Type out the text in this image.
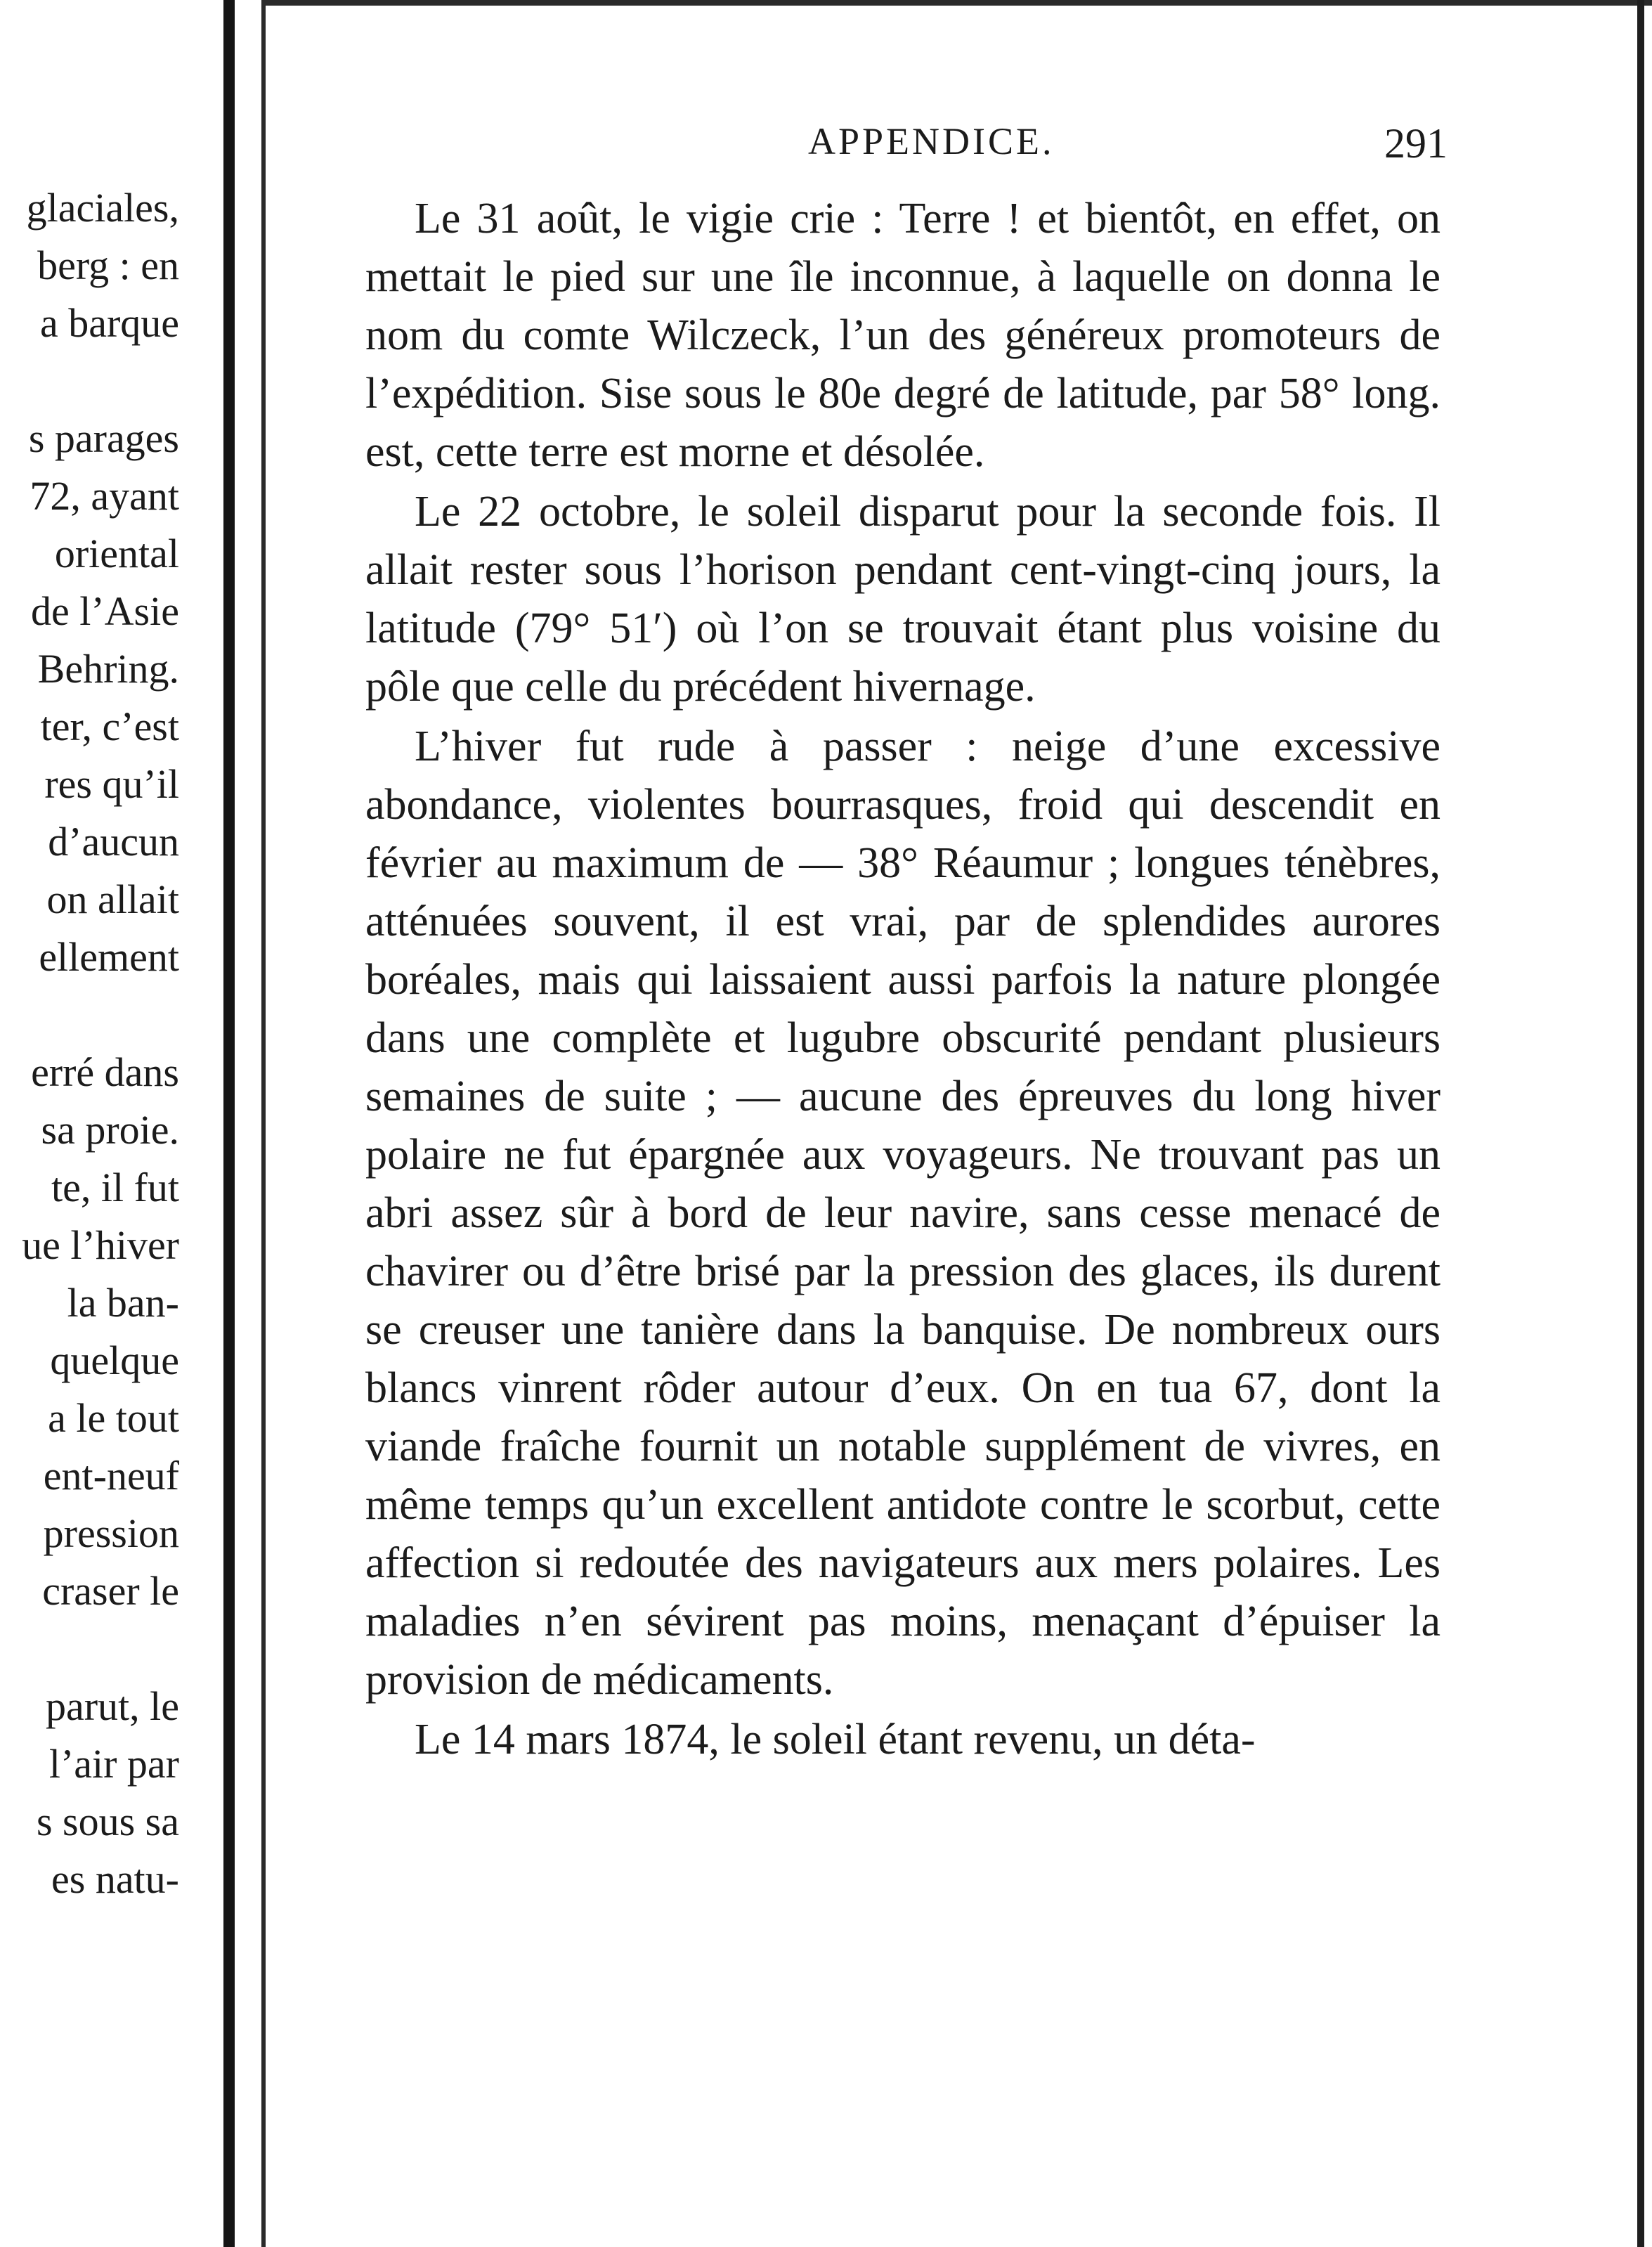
glaciales,
berg : en
a barque
s parages
72, ayant
oriental
de l’Asie
Behring.
ter, c’est
res qu’il
d’aucun
on allait
ellement
erré dans
sa proie.
te, il fut
ue l’hiver
la ban-
quelque
a le tout
ent-neuf
pression
craser le
parut, le
l’air par
s sous sa
es natu-
APPENDICE.	291

Le 31 août, le vigie crie : Terre ! et bientôt, en effet, on mettait le pied sur une île inconnue, à laquelle on donna le nom du comte Wilczeck, l’un des généreux promoteurs de l’expédition. Sise sous le 80e degré de latitude, par 58° long. est, cette terre est morne et désolée.

Le 22 octobre, le soleil disparut pour la seconde fois. Il allait rester sous l’horison pendant cent-vingt-cinq jours, la latitude (79° 51′) où l’on se trouvait étant plus voisine du pôle que celle du précédent hivernage.

L’hiver fut rude à passer : neige d’une excessive abondance, violentes bourrasques, froid qui descendit en février au maximum de — 38° Réaumur ; longues ténèbres, atténuées souvent, il est vrai, par de splendides aurores boréales, mais qui laissaient aussi parfois la nature plongée dans une complète et lugubre obscurité pendant plusieurs semaines de suite ; — aucune des épreuves du long hiver polaire ne fut épargnée aux voyageurs. Ne trouvant pas un abri assez sûr à bord de leur navire, sans cesse menacé de chavirer ou d’être brisé par la pression des glaces, ils durent se creuser une tanière dans la banquise. De nombreux ours blancs vinrent rôder autour d’eux. On en tua 67, dont la viande fraîche fournit un notable supplément de vivres, en même temps qu’un excellent antidote contre le scorbut, cette affection si redoutée des navigateurs aux mers polaires. Les maladies n’en sévirent pas moins, menaçant d’épuiser la provision de médicaments.

Le 14 mars 1874, le soleil étant revenu, un déta-
